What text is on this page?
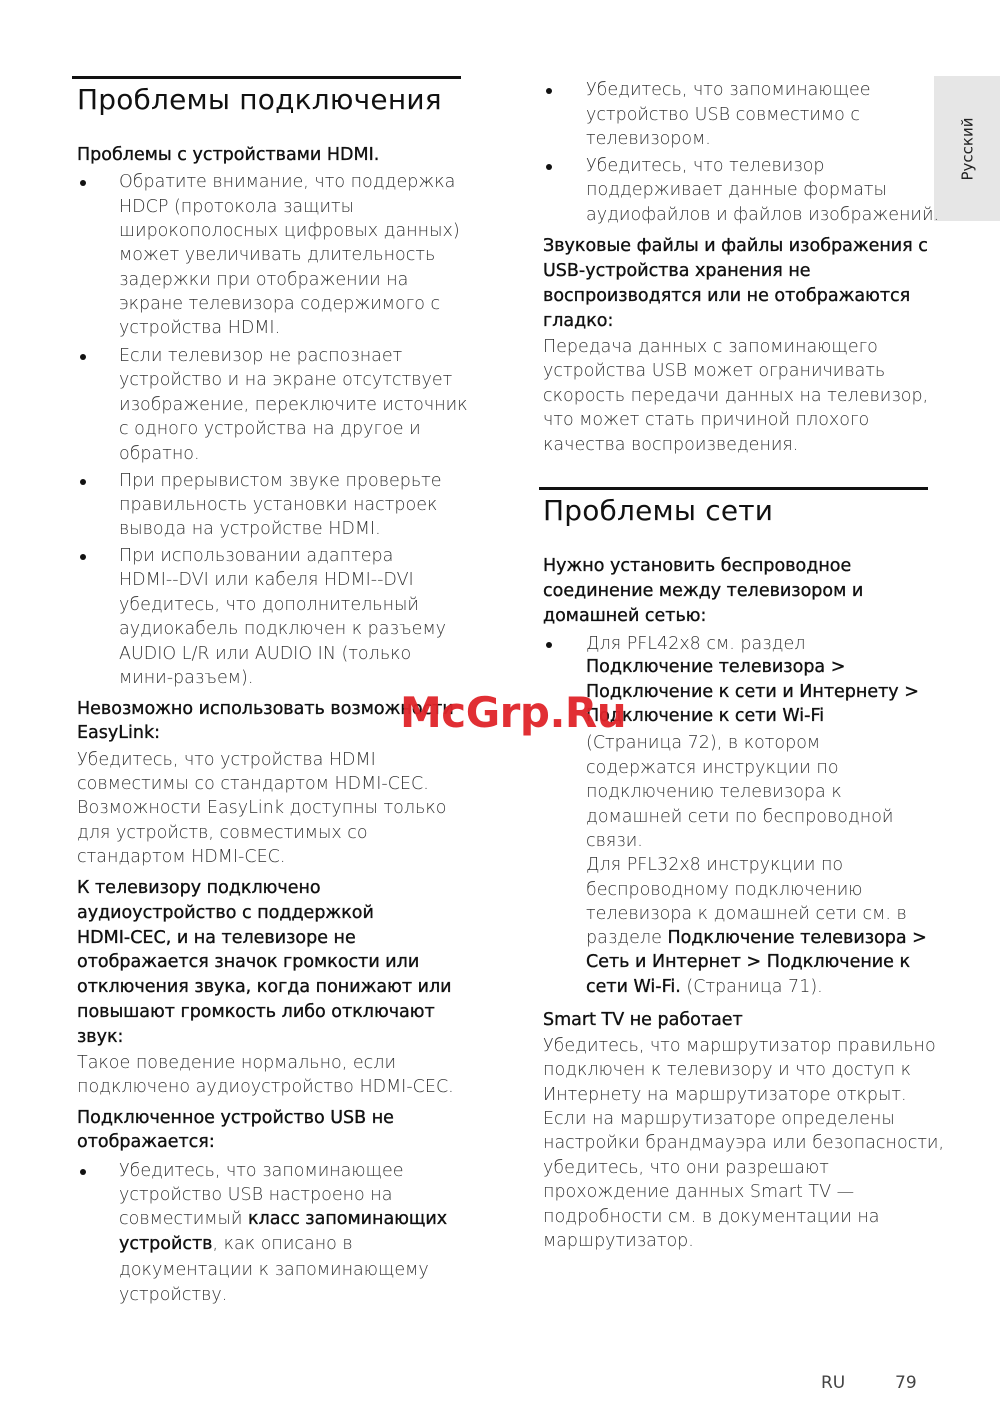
Русский
Проблемы подключения
Проблемы с устройствами HDMI.
Обратите внимание, что поддержка
HDCP (протокола защиты
широкополосных цифровых данных)
может увеличивать длительность
задержки при отображении на
экране телевизора содержимого с
устройства HDMI.
Если телевизор не распознает
устройство и на экране отсутствует
изображение, переключите источник
с одного устройства на другое и
обратно.
При прерывистом звуке проверьте
правильность установки настроек
вывода на устройстве HDMI.
При использовании адаптера
HDMI--DVI или кабеля HDMI--DVI
убедитесь, что дополнительный
аудиокабель подключен к разъему
AUDIO L/R или AUDIO IN (только
мини-разъем).
Невозможно использовать возможности
EasyLink:
Убедитесь, что устройства HDMI
совместимы со стандартом HDMI-CEC.
Возможности EasyLink доступны только
для устройств, совместимых со
стандартом HDMI-CEC.
К телевизору подключено
аудиоустройство с поддержкой
HDMI-CEC, и на телевизоре не
отображается значок громкости или
отключения звука, когда понижают или
повышают громкость либо отключают
звук:
Такое поведение нормально, если
подключено аудиоустройство HDMI-CEC.
Подключенное устройство USB не
отображается:
Убедитесь, что запоминающее
устройство USB настроено на
совместимый класс запоминающих
устройств, как описано в
документации к запоминающему
устройству.
Убедитесь, что запоминающее
устройство USB совместимо с
телевизором.
Убедитесь, что телевизор
поддерживает данные форматы
аудиофайлов и файлов изображений.
Звуковые файлы и файлы изображения с
USB-устройства хранения не
воспроизводятся или не отображаются
гладко:
Передача данных с запоминающего
устройства USB может ограничивать
скорость передачи данных на телевизор,
что может стать причиной плохого
качества воспроизведения.
Проблемы сети
Нужно установить беспроводное
соединение между телевизором и
домашней сетью:
Для PFL42x8 см. раздел
Подключение телевизора >
Подключение к сети и Интернету >
Подключение к сети Wi-Fi
(Страница 72), в котором
содержатся инструкции по
подключению телевизора к
домашней сети по беспроводной
связи.
Для PFL32x8 инструкции по
беспроводному подключению
телевизора к домашней сети см. в
разделе Подключение телевизора >
Сеть и Интернет > Подключение к
сети Wi-Fi. (Страница 71).
Smart TV не работает
Убедитесь, что маршрутизатор правильно
подключен к телевизору и что доступ к
Интернету на маршрутизаторе открыт.
Если на маршрутизаторе определены
настройки брандмауэра или безопасности,
убедитесь, что они разрешают
прохождение данных Smart TV —
подробности см. в документации на
маршрутизатор.
McGrp.Ru
RU	79
